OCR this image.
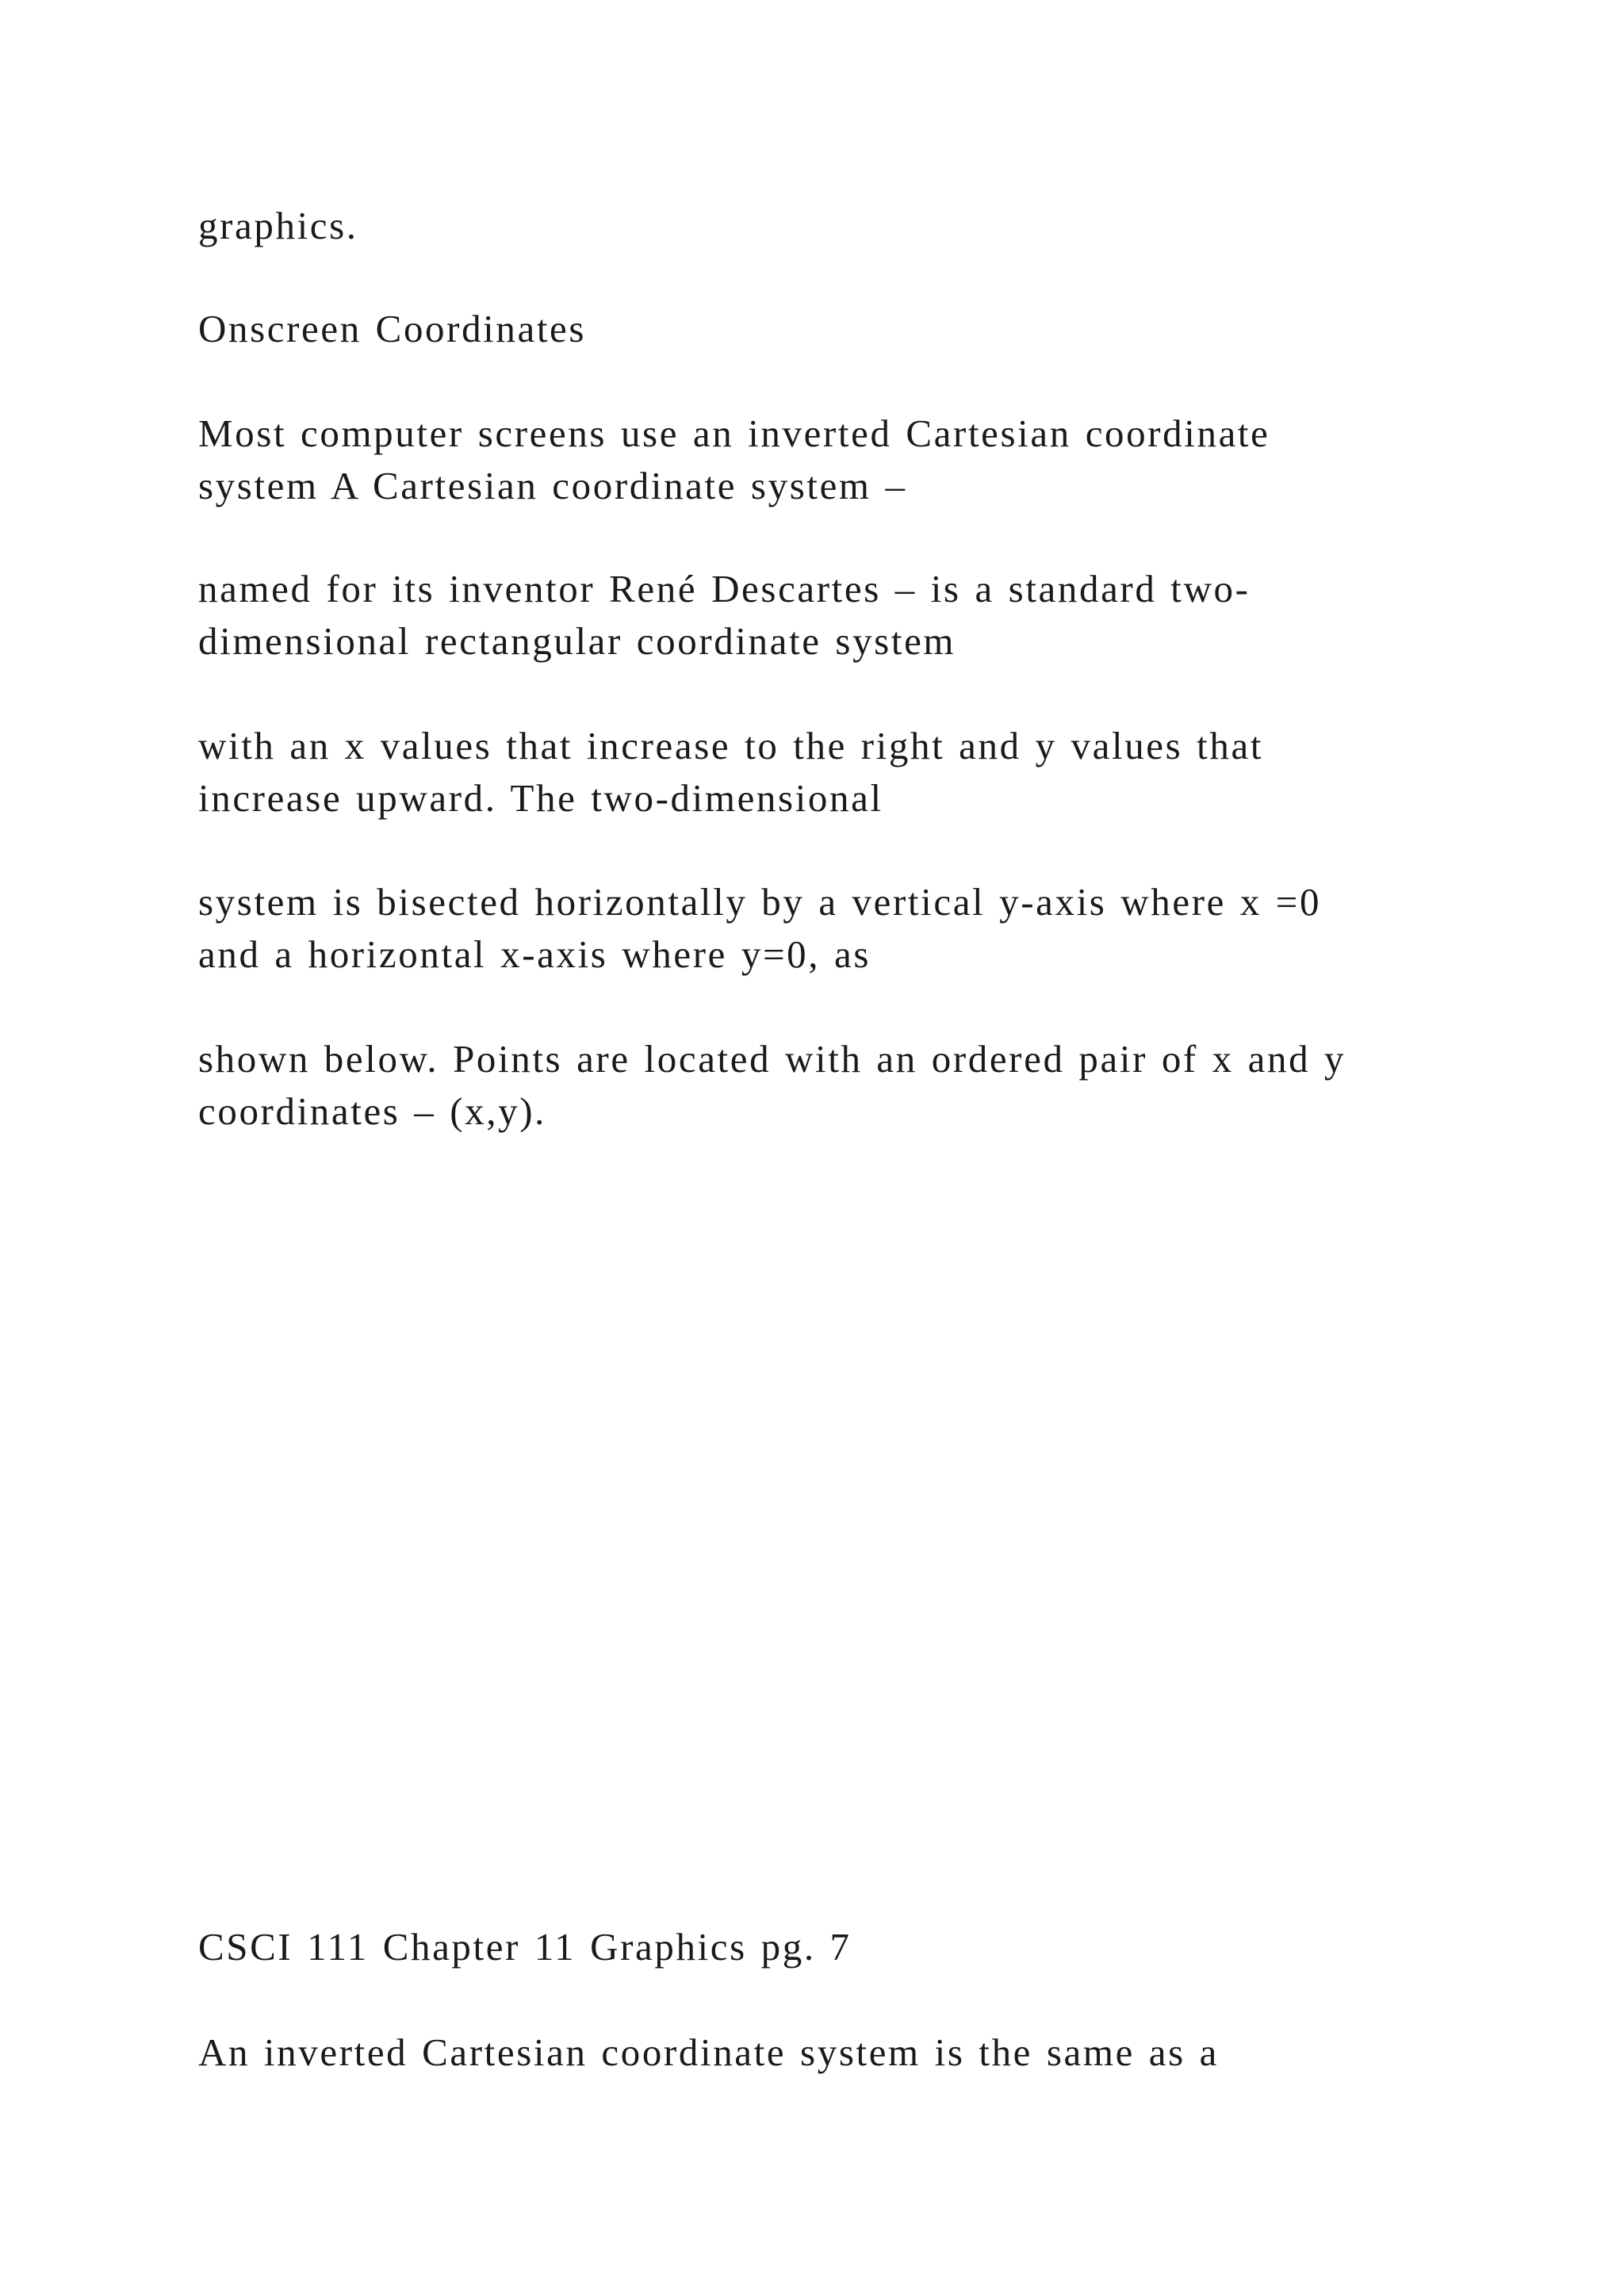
graphics.

Onscreen Coordinates

Most computer screens use an inverted Cartesian coordinate
system A Cartesian coordinate system –

named for its inventor René Descartes – is a standard two-
dimensional rectangular coordinate system

with an x values that increase to the right and y values that
increase upward. The two-dimensional

system is bisected horizontally by a vertical y-axis where x =0
and a horizontal x-axis where y=0, as

shown below. Points are located with an ordered pair of x and y
coordinates – (x,y).

CSCI 111 Chapter 11 Graphics pg. 7

An inverted Cartesian coordinate system is the same as a
